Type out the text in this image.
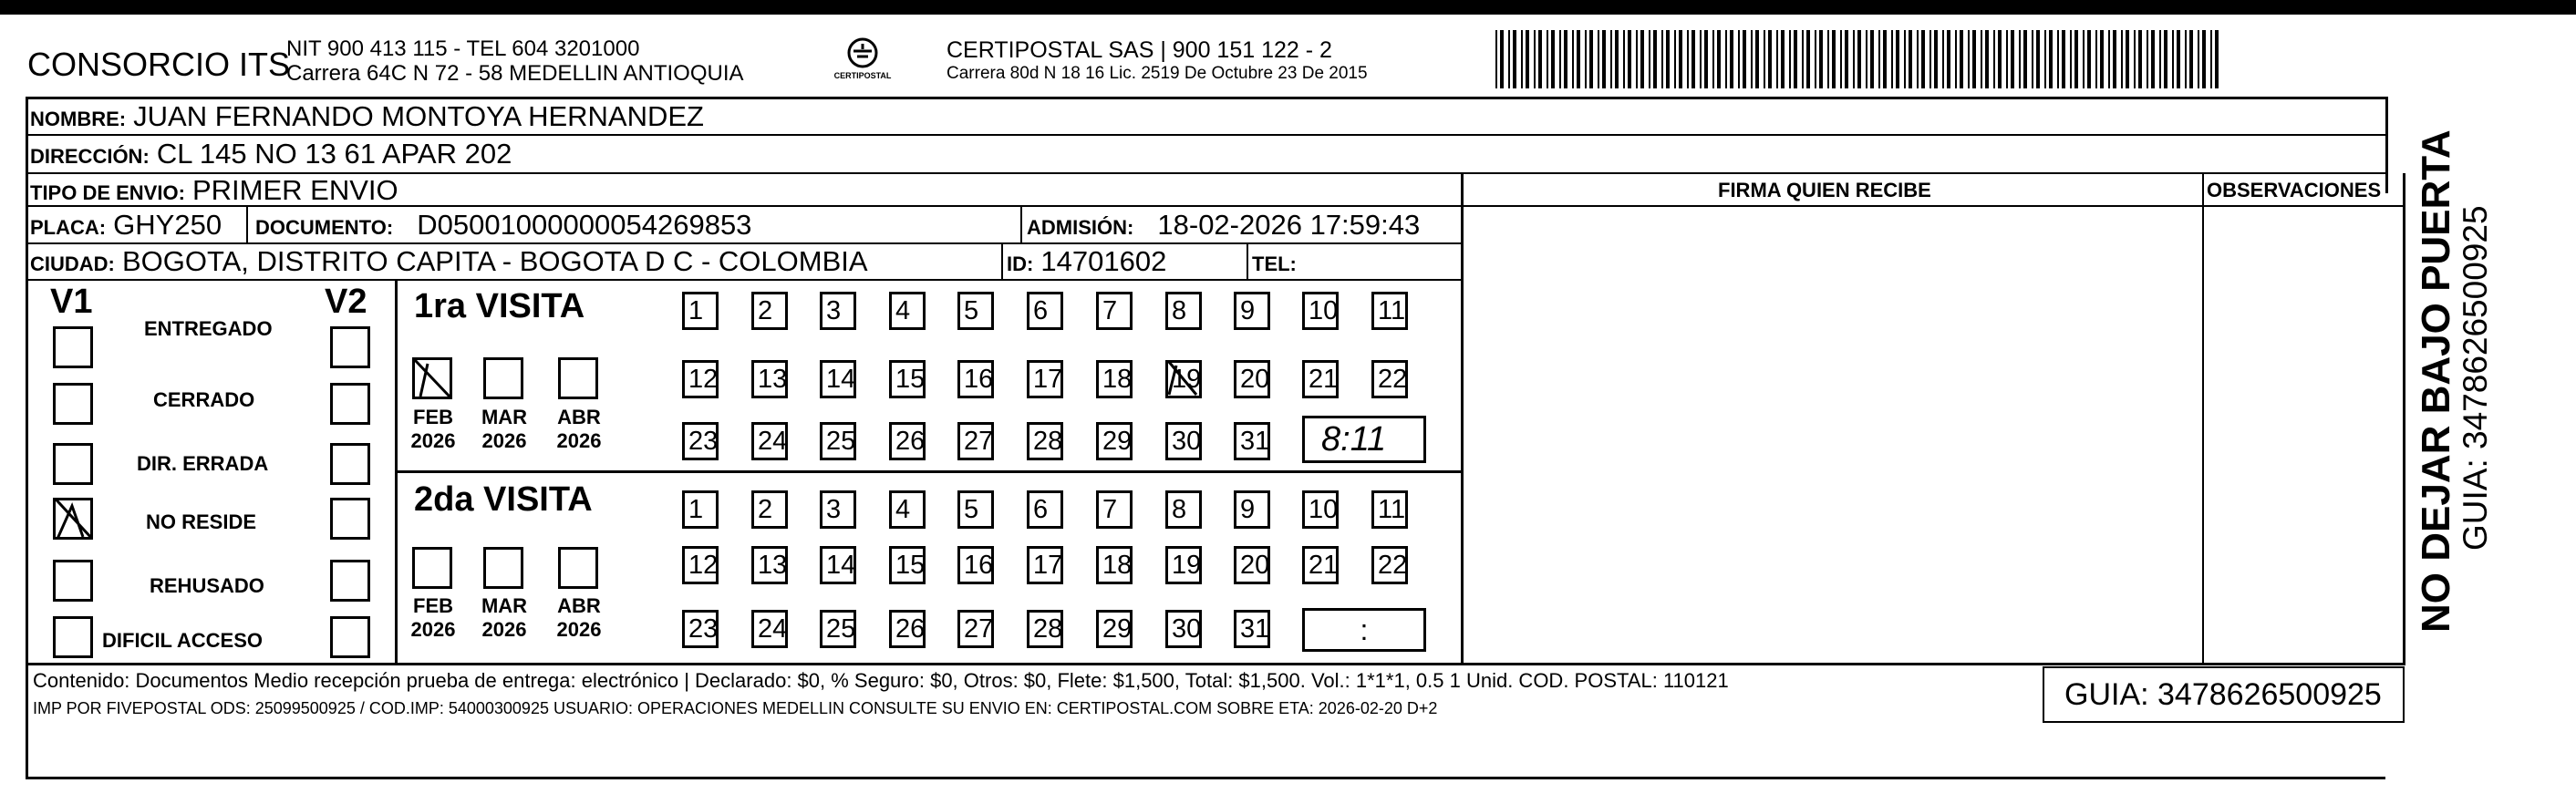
CONSORCIO ITS
NIT 900 413 115 - TEL 604 3201000
Carrera 64C N 72 - 58 MEDELLIN ANTIOQUIA	CERTIPOSTAL
CERTIPOSTAL SAS | 900 151 122 - 2
Carrera 80d N 18 16 Lic. 2519 De Octubre 23 De 2015
NOMBRE: JUAN FERNANDO MONTOYA HERNANDEZ
DIRECCIÓN: CL 145 NO 13 61 APAR 202
TIPO DE ENVIO: PRIMER ENVIO
PLACA: GHY250 DOCUMENTO: D05001000000054269853	ADMISIÓN: 18-02-2026 17:59:43
CIUDAD: BOGOTA, DISTRITO CAPITA - BOGOTA D C - COLOMBIA	ID: 14701602	TEL:
FIRMA QUIEN RECIBE	OBSERVACIONES
V1	V2 1ra VISITA
2da VISITA
ENTREGADO
CERRADO
DIR. ERRADA
NO RESIDE
REHUSADO
DIFICIL ACCESO
FEB
2026
MAR
2026
ABR
2026
FEB
2026
MAR
2026
ABR
2026
1	2	3	4	5	6	7	8	9	10 11
12 13 14 15 16 17 18 19 20 21 22
23 24 25 26 27 28 29 30 31
1	2	3	4	5	6	7	8	9	10 11
12 13 14 15 16 17 18 19 20 21 22
23 24 25 26 27 28 29 30 31
8:11
:
Contenido: Documentos Medio recepción prueba de entrega: electrónico | Declarado: $0, % Seguro: $0, Otros: $0, Flete: $1,500, Total: $1,500. Vol.: 1*1*1, 0.5 1 Unid. COD. POSTAL: 110121
IMP POR FIVEPOSTAL ODS: 25099500925 / COD.IMP: 54000300925 USUARIO: OPERACIONES MEDELLIN CONSULTE SU ENVIO EN: CERTIPOSTAL.COM SOBRE ETA: 2026-02-20 D+2	GUIA: 3478626500925
NO DEJAR BAJO PUERTA
GUIA: 3478626500925
